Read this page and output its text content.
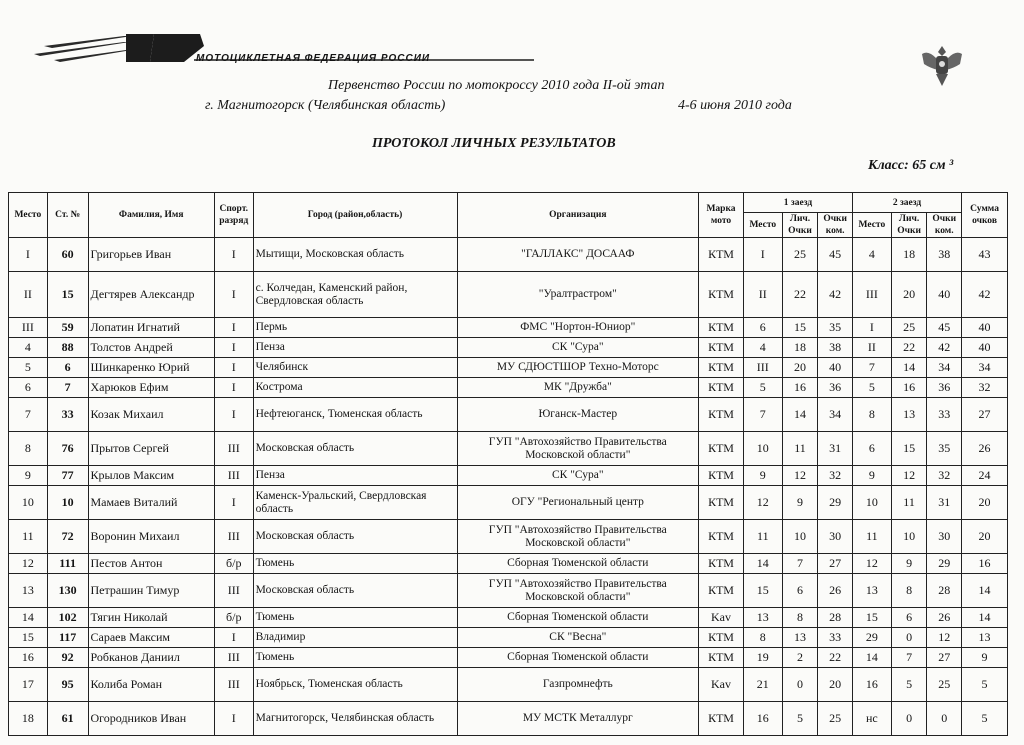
МОТОЦИКЛЕТНАЯ ФЕДЕРАЦИЯ РОССИИ
Первенство России по мотокроссу 2010 года II-ой этап
г. Магнитогорск (Челябинская область)	4-6 июня 2010 года
ПРОТОКОЛ ЛИЧНЫХ РЕЗУЛЬТАТОВ
Класс: 65 см ³
Место	Ст. №	Фамилия, Имя	Спорт. разряд	Город (район,область)	Организация	Марка мото	1 заезд			2 заезд			Сумма очков
							Место	Лич. Очки	Очки ком.	Место	Лич. Очки	Очки ком.	
I	60	Григорьев Иван	I	Мытищи, Московская область	"ГАЛЛАКС" ДОСААФ	КТМ	I	25	45	4	18	38	43
II	15	Дегтярев Александр	I	с. Колчедан, Каменский район, Свердловская область	"Уралтрастром"	КТМ	II	22	42	III	20	40	42
III	59	Лопатин Игнатий	I	Пермь	ФМС "Нортон-Юниор"	КТМ	6	15	35	I	25	45	40
4	88	Толстов Андрей	I	Пенза	СК "Сура"	КТМ	4	18	38	II	22	42	40
5	6	Шинкаренко Юрий	I	Челябинск	МУ СДЮСТШОР Техно-Моторс	КТМ	III	20	40	7	14	34	34
6	7	Харюков Ефим	I	Кострома	МК "Дружба"	КТМ	5	16	36	5	16	36	32
7	33	Козак Михаил	I	Нефтеюганск, Тюменская область	Юганск-Мастер	КТМ	7	14	34	8	13	33	27
8	76	Прытов Сергей	III	Московская область	ГУП "Автохозяйство Правительства Московской области"	КТМ	10	11	31	6	15	35	26
9	77	Крылов Максим	III	Пенза	СК "Сура"	КТМ	9	12	32	9	12	32	24
10	10	Мамаев Виталий	I	Каменск-Уральский, Свердловская область	ОГУ "Региональный центр	КТМ	12	9	29	10	11	31	20
11	72	Воронин Михаил	III	Московская область	ГУП "Автохозяйство Правительства Московской области"	КТМ	11	10	30	11	10	30	20
12	111	Пестов Антон	б/р	Тюмень	Сборная Тюменской области	КТМ	14	7	27	12	9	29	16
13	130	Петрашин Тимур	III	Московская область	ГУП "Автохозяйство Правительства Московской области"	КТМ	15	6	26	13	8	28	14
14	102	Тягин Николай	б/р	Тюмень	Сборная Тюменской области	Kav	13	8	28	15	6	26	14
15	117	Сараев Максим	I	Владимир	СК "Весна"	КТМ	8	13	33	29	0	12	13
16	92	Робканов Даниил	III	Тюмень	Сборная Тюменской области	КТМ	19	2	22	14	7	27	9
17	95	Колиба Роман	III	Ноябрьск, Тюменская область	Газпромнефть	Kav	21	0	20	16	5	25	5
18	61	Огородников Иван	I	Магнитогорск, Челябинская область	МУ МСТК Металлург	КТМ	16	5	25	нс	0	0	5
